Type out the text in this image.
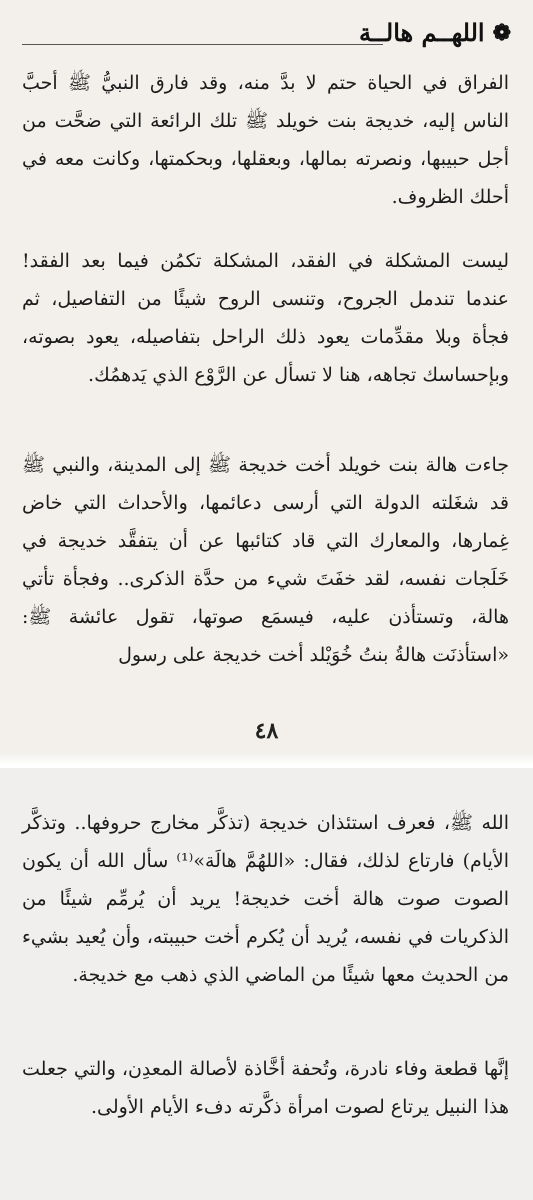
❁
اللهــم هالــة

الفراق في الحياة حتم لا بدَّ منه، وقد فارق النبيُّ ﷺ أحبَّ الناس إليه، خديجة بنت خويلد ﷺ تلك الرائعة التي ضحَّت من أجل حبيبها، ونصرته بمالها، وبعقلها، وبحكمتها، وكانت معه في أحلك الظروف.

ليست المشكلة في الفقد، المشكلة تكمُن فيما بعد الفقد! عندما تندمل الجروح، وتنسى الروح شيئًا من التفاصيل، ثم فجأة وبلا مقدِّمات يعود ذلك الراحل بتفاصيله، يعود بصوته، وبإحساسك تجاهه، هنا لا تسأل عن الرَّوْع الذي يَدهمُك.

جاءت هالة بنت خويلد أخت خديجة ﷺ إلى المدينة، والنبي ﷺ قد شغَلته الدولة التي أرسى دعائمها، والأحداث التي خاض غِمارها، والمعارك التي قاد كتائبها عن أن يتفقَّد خديجة في خَلَجات نفسه، لقد خفَتَ شيء من حدَّة الذكرى.. وفجأة تأتي هالة، وتستأذن عليه، فيسمَع صوتها، تقول عائشة ﷺ: «استأذنَت هالةُ بنتُ خُوَيْلد أخت خديجة على رسول

٤٨

الله ﷺ، فعرف استئذان خديجة (تذكَّر مخارج حروفها.. وتذكَّر الأيام) فارتاع لذلك، فقال: «اللهُمَّ هالَة»⁽¹⁾ سأل الله أن يكون الصوت صوت هالة أخت خديجة! يريد أن يُرمِّم شيئًا من الذكريات في نفسه، يُريد أن يُكرم أخت حبيبته، وأن يُعيد بشيء من الحديث معها شيئًا من الماضي الذي ذهب مع خديجة.

إنَّها قطعة وفاء نادرة، وتُحفة أخَّاذة لأصالة المعدِن، والتي جعلت هذا النبيل يرتاع لصوت امرأة ذكَّرته دفء الأيام الأولى.
